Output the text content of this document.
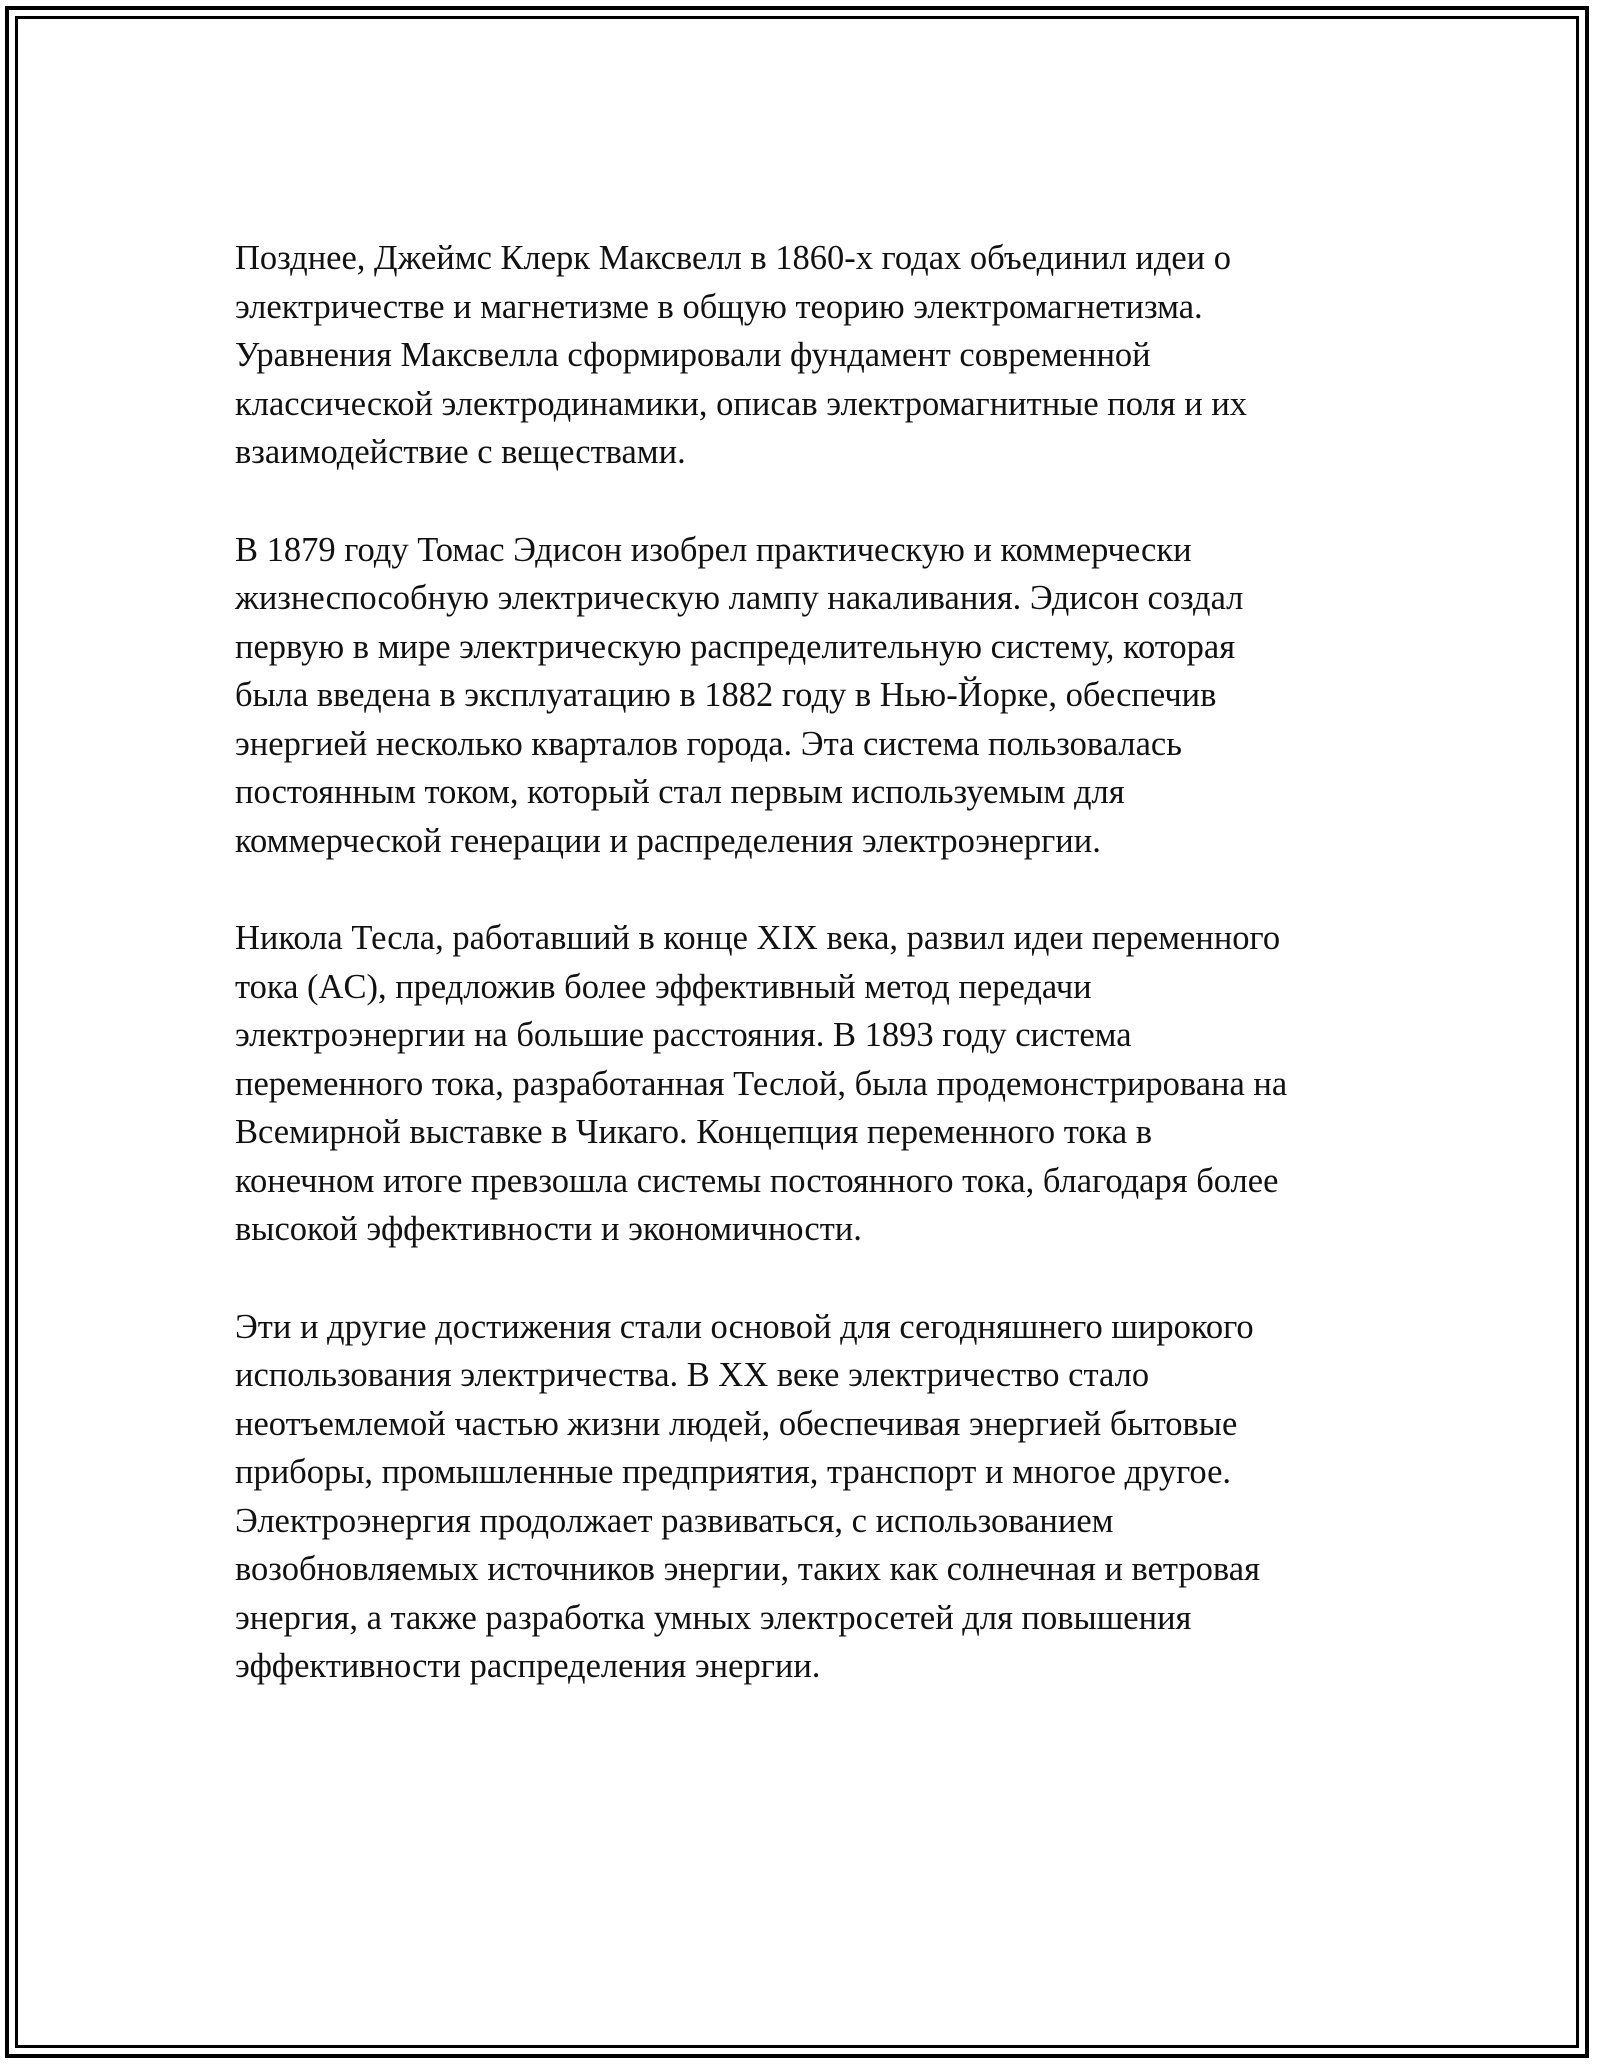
Позднее, Джеймс Клерк Максвелл в 1860-х годах объединил идеи о
электричестве и магнетизме в общую теорию электромагнетизма.
Уравнения Максвелла сформировали фундамент современной
классической электродинамики, описав электромагнитные поля и их
взаимодействие с веществами.
В 1879 году Томас Эдисон изобрел практическую и коммерчески
жизнеспособную электрическую лампу накаливания. Эдисон создал
первую в мире электрическую распределительную систему, которая
была введена в эксплуатацию в 1882 году в Нью-Йорке, обеспечив
энергией несколько кварталов города. Эта система пользовалась
постоянным током, который стал первым используемым для
коммерческой генерации и распределения электроэнергии.
Никола Тесла, работавший в конце XIX века, развил идеи переменного
тока (AC), предложив более эффективный метод передачи
электроэнергии на большие расстояния. В 1893 году система
переменного тока, разработанная Теслой, была продемонстрирована на
Всемирной выставке в Чикаго. Концепция переменного тока в
конечном итоге превзошла системы постоянного тока, благодаря более
высокой эффективности и экономичности.
Эти и другие достижения стали основой для сегодняшнего широкого
использования электричества. В XX веке электричество стало
неотъемлемой частью жизни людей, обеспечивая энергией бытовые
приборы, промышленные предприятия, транспорт и многое другое.
Электроэнергия продолжает развиваться, с использованием
возобновляемых источников энергии, таких как солнечная и ветровая
энергия, а также разработка умных электросетей для повышения
эффективности распределения энергии.
